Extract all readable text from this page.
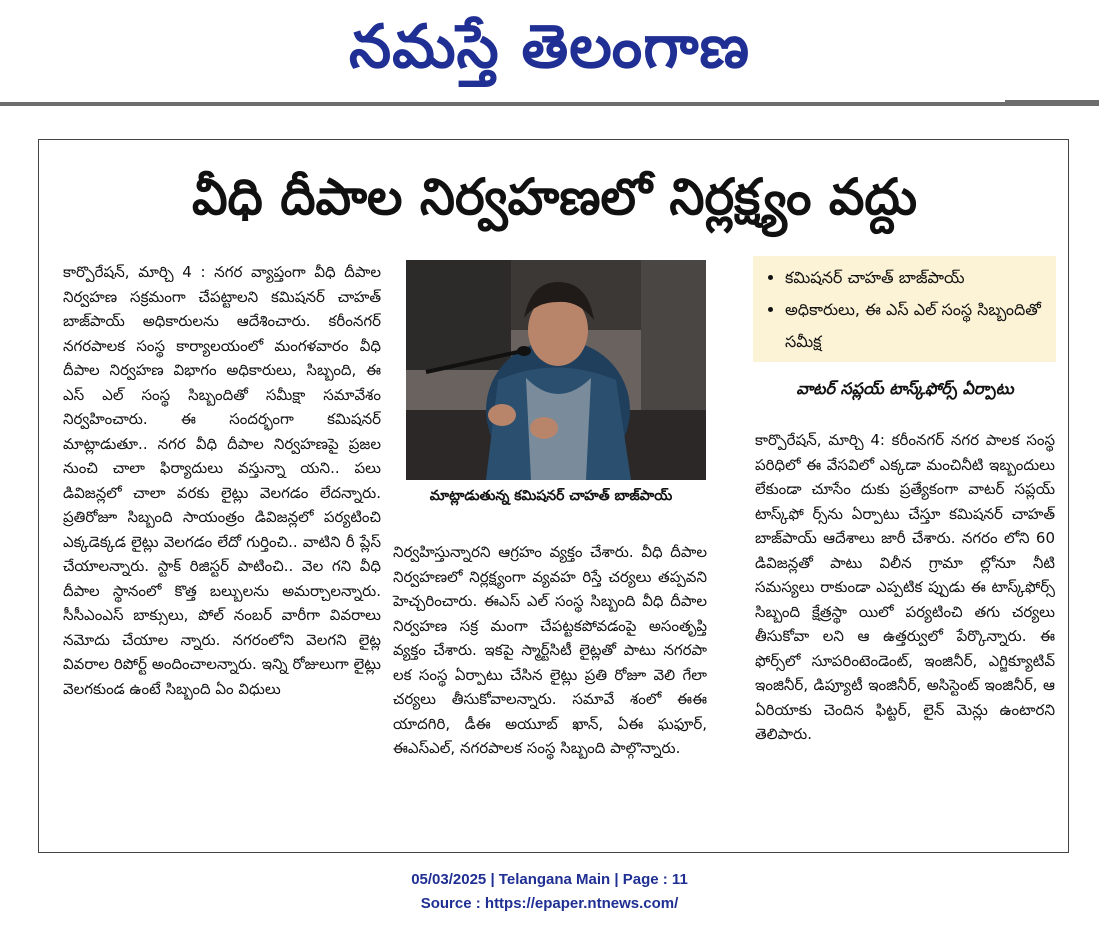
నమస్తే తెలంగాణ
వీధి దీపాల నిర్వహణలో నిర్లక్ష్యం వద్దు

కార్పొరేషన్, మార్చి 4 : నగర వ్యాప్తంగా వీధి దీపాల నిర్వహణ సక్రమంగా చేపట్టాలని కమిషనర్ చాహత్ బాజ్‌పాయ్ అధికారులను ఆదేశించారు. కరీంనగర్ నగరపాలక సంస్థ కార్యాలయంలో మంగళవారం వీధి దీపాల నిర్వహణ విభాగం అధికారులు, సిబ్బంది, ఈ ఎస్ ఎల్ సంస్థ సిబ్బందితో సమీక్షా సమావేశం నిర్వహించారు. ఈ సందర్భంగా కమిషనర్ మాట్లాడుతూ.. నగర వీధి దీపాల నిర్వహణపై ప్రజల నుంచి చాలా ఫిర్యాదులు వస్తున్నా యని.. పలు డివిజన్లలో చాలా వరకు లైట్లు వెలగడం లేదన్నారు. ప్రతిరోజూ సిబ్బంది సాయంత్రం డివిజన్లలో పర్యటించి ఎక్కడెక్కడ లైట్లు వెలగడం లేదో గుర్తించి.. వాటిని రీ ప్లేస్ చేయాలన్నారు. స్టాక్ రిజిస్టర్ పాటించి.. వెల గని వీధి దీపాల స్థానంలో కొత్త బల్బులను అమర్చాలన్నారు. సీసీఎంఎస్ బాక్సులు, పోల్ నంబర్ వారీగా వివరాలు నమోదు చేయాల న్నారు. నగరంలోని వెలగని లైట్ల వివరాల రిపోర్ట్ అందించాలన్నారు. ఇన్ని రోజులుగా లైట్లు వెలగకుండ ఉంటే సిబ్బంది ఏం విధులు

మాట్లాడుతున్న కమిషనర్ చాహత్ బాజ్‌పాయ్

నిర్వహిస్తున్నారని ఆగ్రహం వ్యక్తం చేశారు. వీధి దీపాల నిర్వహణలో నిర్లక్ష్యంగా వ్యవహ రిస్తే చర్యలు తప్పవని హెచ్చరించారు. ఈఎస్ ఎల్ సంస్థ సిబ్బంది వీధి దీపాల నిర్వహణ సక్ర మంగా చేపట్టకపోవడంపై అసంతృప్తి వ్యక్తం చేశారు. ఇకపై స్మార్ట్‌సిటీ లైట్లతో పాటు నగరపా లక సంస్థ ఏర్పాటు చేసిన లైట్లు ప్రతి రోజూ వెలి గేలా చర్యలు తీసుకోవాలన్నారు. సమావే శంలో ఈఈ యాదగిరి, డీఈ అయూబ్ ఖాన్, ఏఈ ఘఫూర్, ఈఎస్ఎల్, నగరపాలక సంస్థ సిబ్బంది పాల్గొన్నారు.

• కమిషనర్ చాహత్ బాజ్‌పాయ్
• అధికారులు, ఈ ఎస్ ఎల్ సంస్థ సిబ్బందితో సమీక్ష
వాటర్ సప్లయ్ టాస్క్‌ఫోర్స్ ఏర్పాటు

కార్పొరేషన్, మార్చి 4: కరీంనగర్ నగర పాలక సంస్థ పరిధిలో ఈ వేసవిలో ఎక్కడా మంచినీటి ఇబ్బందులు లేకుండా చూసేం దుకు ప్రత్యేకంగా వాటర్ సప్లయ్ టాస్క్‌ఫో ర్స్‌ను ఏర్పాటు చేస్తూ కమిషనర్ చాహత్ బాజ్‌పాయ్ ఆదేశాలు జారీ చేశారు. నగరం లోని 60 డివిజన్లతో పాటు విలీన గ్రామా ల్లోనూ నీటి సమస్యలు రాకుండా ఎప్పటిక ప్పుడు ఈ టాస్క్‌ఫోర్స్ సిబ్బంది క్షేత్రస్థా యిలో పర్యటించి తగు చర్యలు తీసుకోవా లని ఆ ఉత్తర్వులో పేర్కొన్నారు. ఈ ఫోర్స్‌లో సూపరింటెండెంట్, ఇంజినీర్, ఎగ్జిక్యూటివ్ ఇంజినీర్, డిప్యూటీ ఇంజినీర్, అసిస్టెంట్ ఇంజినీర్, ఆ ఏరియాకు చెందిన ఫిట్టర్, లైన్ మెన్లు ఉంటారని తెలిపారు.

05/03/2025 | Telangana Main | Page : 11
Source : https://epaper.ntnews.com/
